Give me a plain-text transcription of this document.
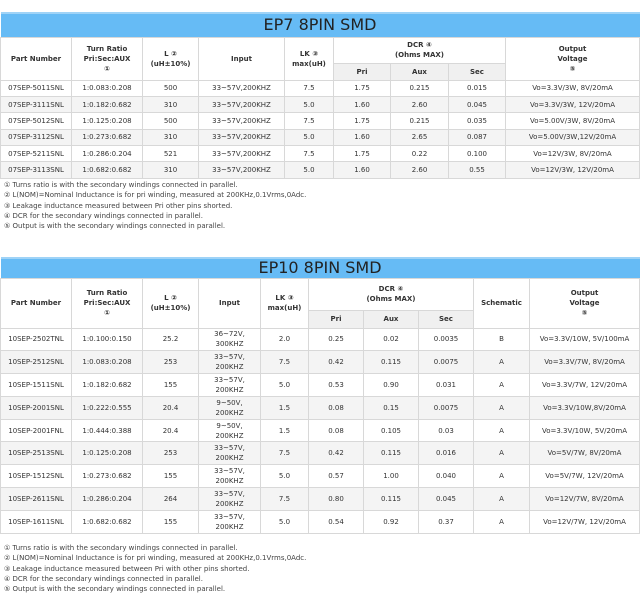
EP7 8PIN SMD								
Part Number	Turn Ratio
Pri:Sec:AUX
①	L ②
(uH±10%)	Input	LK ③
max(uH)	DCR ④
(Ohms MAX)			Output
Voltage
⑤
					Pri	Aux	Sec	
07SEP-5011SNL	1:0.083:0.208	500	33~57V,200KHZ	7.5	1.75	0.215	0.015	Vo=3.3V/3W, 8V/20mA
07SEP-3111SNL	1:0.182:0.682	310	33~57V,200KHZ	5.0	1.60	2.60	0.045	Vo=3.3V/3W, 12V/20mA
07SEP-5012SNL	1:0.125:0.208	500	33~57V,200KHZ	7.5	1.75	0.215	0.035	Vo=5.00V/3W, 8V/20mA
07SEP-3112SNL	1:0.273:0.682	310	33~57V,200KHZ	5.0	1.60	2.65	0.087	Vo=5.00V/3W,12V/20mA
07SEP-5211SNL	1:0.286:0.204	521	33~57V,200KHZ	7.5	1.75	0.22	0.100	Vo=12V/3W, 8V/20mA
07SEP-3113SNL	1:0.682:0.682	310	33~57V,200KHZ	5.0	1.60	2.60	0.55	Vo=12V/3W, 12V/20mA
① Turns ratio is with the secondary windings connected in parallel.
② L(NOM)=Nominal Inductance is for pri winding, measured at 200KHz,0.1Vrms,0Adc.
③ Leakage inductance measured between Pri other pins shorted.
④ DCR for the secondary windings connected in parallel.
⑤ Output is with the secondary windings connected in parallel.
EP10 8PIN SMD									
Part Number	Turn Ratio
Pri:Sec:AUX
①	L ②
(uH±10%)	Input	LK ③
max(uH)	DCR ④
(Ohms MAX)			Schematic	Output
Voltage
⑤
					Pri	Aux	Sec		
10SEP-2502TNL	1:0.100:0.150	25.2	36~72V,
300KHZ	2.0	0.25	0.02	0.0035	B	Vo=3.3V/10W, 5V/100mA
10SEP-2512SNL	1:0.083:0.208	253	33~57V,
200KHZ	7.5	0.42	0.115	0.0075	A	Vo=3.3V/7W, 8V/20mA
10SEP-1511SNL	1:0.182:0.682	155	33~57V,
200KHZ	5.0	0.53	0.90	0.031	A	Vo=3.3V/7W, 12V/20mA
10SEP-2001SNL	1:0.222:0.555	20.4	9~50V,
200KHZ	1.5	0.08	0.15	0.0075	A	Vo=3.3V/10W,8V/20mA
10SEP-2001FNL	1:0.444:0.388	20.4	9~50V,
200KHZ	1.5	0.08	0.105	0.03	A	Vo=3.3V/10W, 5V/20mA
10SEP-2513SNL	1:0.125:0.208	253	33~57V,
200KHZ	7.5	0.42	0.115	0.016	A	Vo=5V/7W, 8V/20mA
10SEP-1512SNL	1:0.273:0.682	155	33~57V,
200KHZ	5.0	0.57	1.00	0.040	A	Vo=5V/7W, 12V/20mA
10SEP-2611SNL	1:0.286:0.204	264	33~57V,
200KHZ	7.5	0.80	0.115	0.045	A	Vo=12V/7W, 8V/20mA
10SEP-1611SNL	1:0.682:0.682	155	33~57V,
200KHZ	5.0	0.54	0.92	0.37	A	Vo=12V/7W, 12V/20mA
① Turns ratio is with the secondary windings connected in parallel.
② L(NOM)=Nominal Inductance is for pri winding, measured at 200KHz,0.1Vrms,0Adc.
③ Leakage inductance measured between Pri with other pins shorted.
④ DCR for the secondary windings connected in parallel.
⑤ Output is with the secondary windings connected in parallel.
